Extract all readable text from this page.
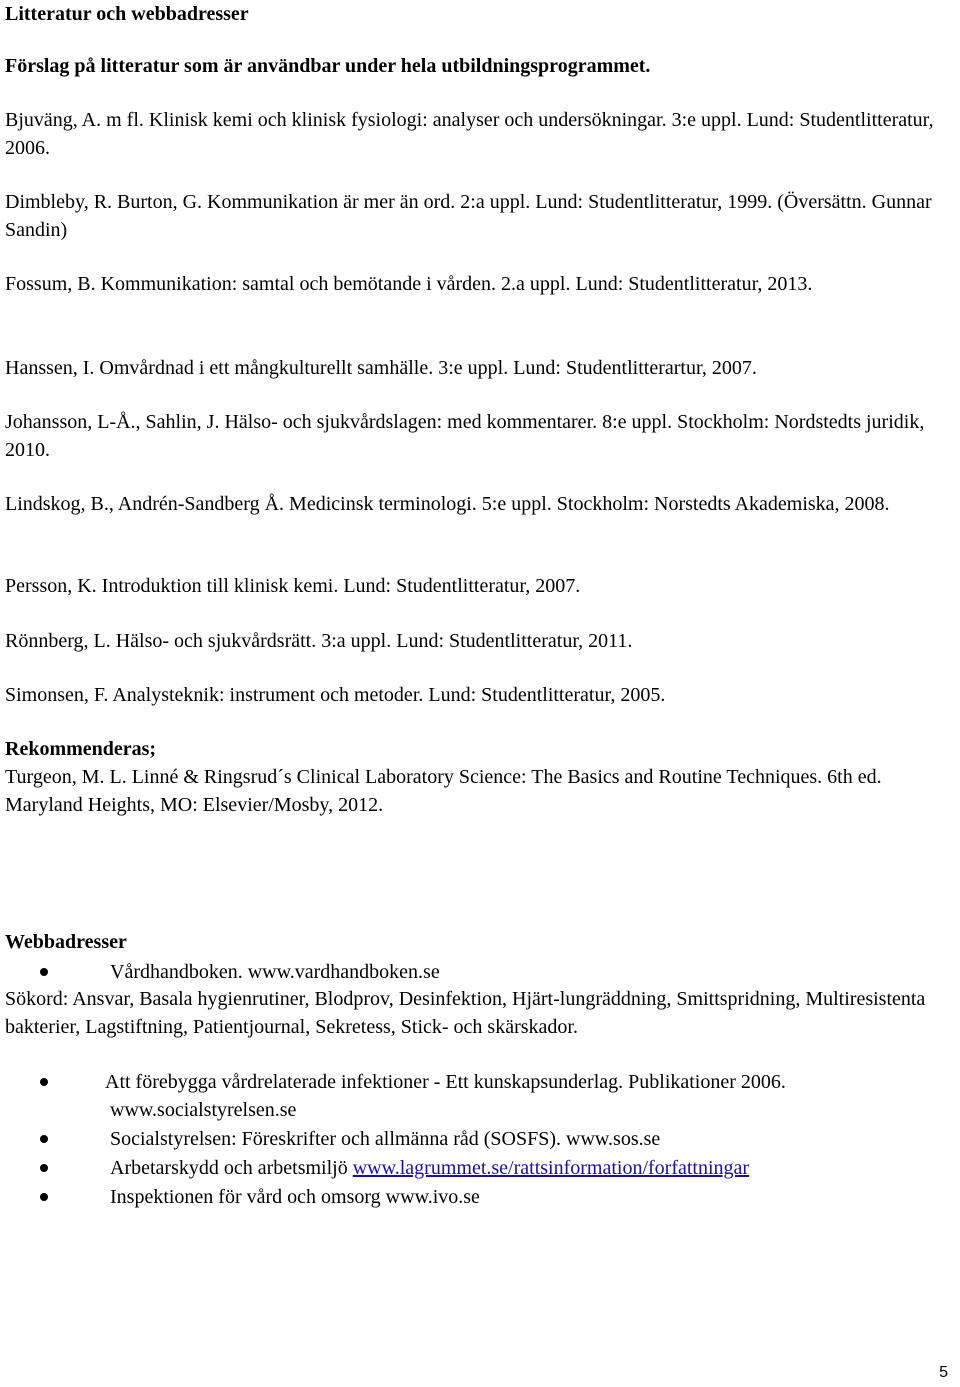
Litteratur och webbadresser

Förslag på litteratur som är användbar under hela utbildningsprogrammet.

Bjuväng, A. m fl. Klinisk kemi och klinisk fysiologi: analyser och undersökningar. 3:e uppl. Lund: Studentlitteratur, 2006.

Dimbleby, R. Burton, G. Kommunikation är mer än ord. 2:a uppl. Lund: Studentlitteratur, 1999. (Översättn. Gunnar Sandin)

Fossum, B. Kommunikation: samtal och bemötande i vården. 2.a uppl. Lund: Studentlitteratur, 2013.

Hanssen, I. Omvårdnad i ett mångkulturellt samhälle. 3:e uppl. Lund: Studentlitterartur, 2007.

Johansson, L-Å., Sahlin, J. Hälso- och sjukvårdslagen: med kommentarer. 8:e uppl. Stockholm: Nordstedts juridik, 2010.

Lindskog, B., Andrén-Sandberg Å. Medicinsk terminologi. 5:e uppl. Stockholm: Norstedts Akademiska, 2008.

Persson, K. Introduktion till klinisk kemi. Lund: Studentlitteratur, 2007.

Rönnberg, L. Hälso- och sjukvårdsrätt. 3:a uppl. Lund: Studentlitteratur, 2011.

Simonsen, F. Analysteknik: instrument och metoder. Lund: Studentlitteratur, 2005.

Rekommenderas;

Turgeon, M. L. Linné & Ringsrud´s Clinical Laboratory Science: The Basics and Routine Techniques. 6th ed. Maryland Heights, MO: Elsevier/Mosby, 2012.

Webbadresser

Vårdhandboken. www.vardhandboken.se

Sökord: Ansvar, Basala hygienrutiner, Blodprov, Desinfektion, Hjärt-lungräddning, Smittspridning, Multiresistenta bakterier, Lagstiftning, Patientjournal, Sekretess, Stick- och skärskador.

Att förebygga vårdrelaterade infektioner - Ett kunskapsunderlag. Publikationer 2006.
www.socialstyrelsen.se
Socialstyrelsen: Föreskrifter och allmänna råd (SOSFS). www.sos.se
Arbetarskydd och arbetsmiljö www.lagrummet.se/rattsinformation/forfattningar
Inspektionen för vård och omsorg www.ivo.se
5
